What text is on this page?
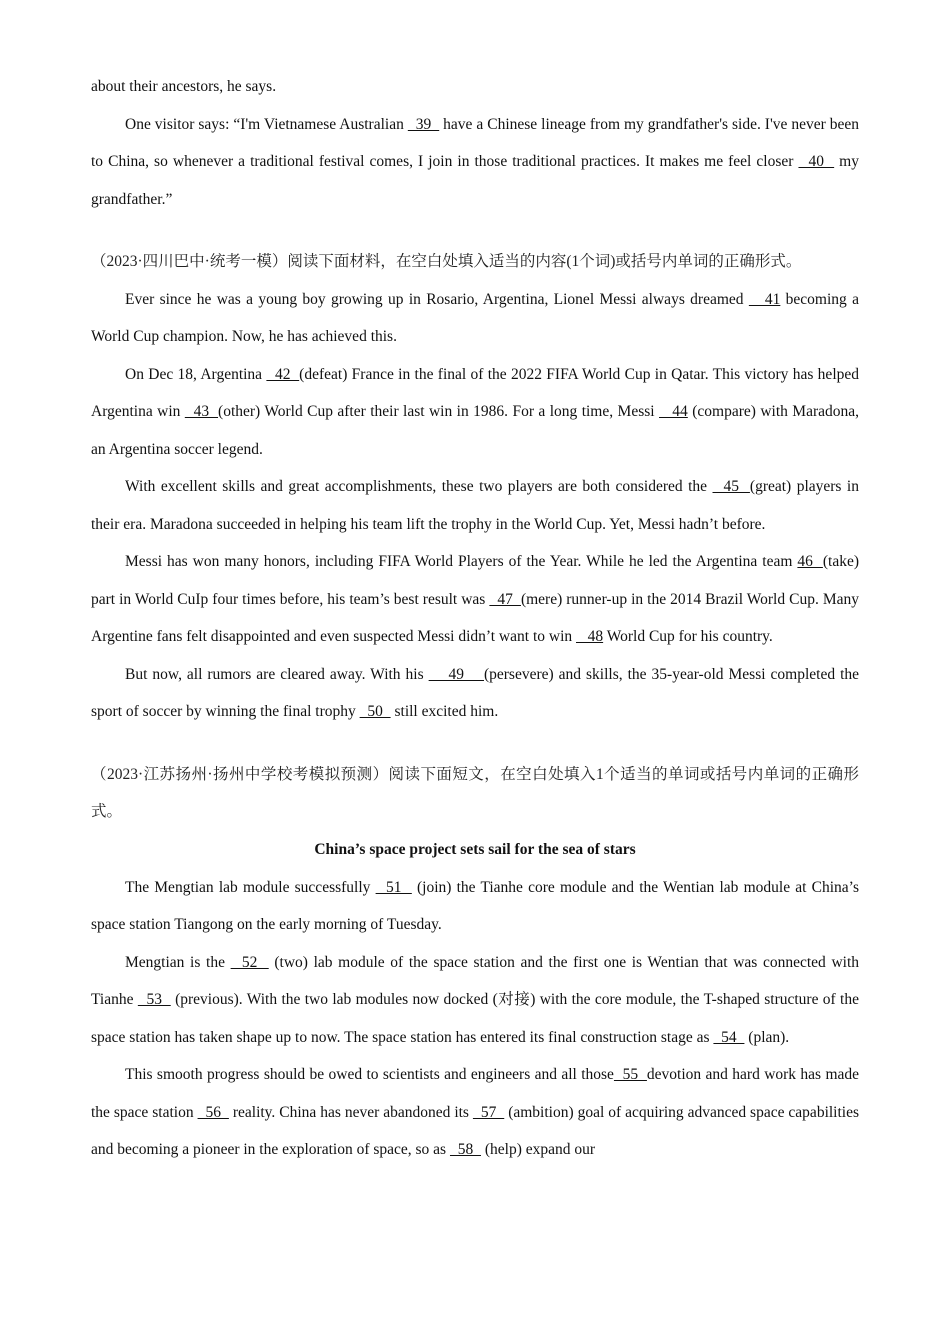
about their ancestors, he says.

One visitor says: “I'm Vietnamese Australian   39   have a Chinese lineage from my grandfather's side. I've never been to China, so whenever a traditional festival comes, I join in those traditional practices. It makes me feel closer   40   my grandfather.”

（2023·四川巴中·统考一模）阅读下面材料，在空白处填入适当的内容(1个词)或括号内单词的正确形式。

Ever since he was a young boy growing up in Rosario, Argentina, Lionel Messi always dreamed    41 becoming a World Cup champion. Now, he has achieved this.

On Dec 18, Argentina   42  (defeat) France in the final of the 2022 FIFA World Cup in Qatar. This victory has helped Argentina win   43  (other) World Cup after their last win in 1986. For a long time, Messi    44 (compare) with Maradona, an Argentina soccer legend.

With excellent skills and great accomplishments, these two players are both considered the   45  (great) players in their era. Maradona succeeded in helping his team lift the trophy in the World Cup. Yet, Messi hadn’t before.

Messi has won many honors, including FIFA World Players of the Year. While he led the Argentina team 46  (take) part in World CuIp four times before, his team’s best result was   47  (mere) runner-up in the 2014 Brazil World Cup. Many Argentine fans felt disappointed and even suspected Messi didn’t want to win    48 World Cup for his country.

But now, all rumors are cleared away. With his     49    (persevere) and skills, the 35-year-old Messi completed the sport of soccer by winning the final trophy   50   still excited him.

（2023·江苏扬州·扬州中学校考模拟预测）阅读下面短文，在空白处填入1个适当的单词或括号内单词的正确形式。

China’s space project sets sail for the sea of stars

The Mengtian lab module successfully   51   (join) the Tianhe core module and the Wentian lab module at China’s space station Tiangong on the early morning of Tuesday.

Mengtian is the   52   (two) lab module of the space station and the first one is Wentian that was connected with Tianhe   53   (previous). With the two lab modules now docked (对接) with the core module, the T-shaped structure of the space station has taken shape up to now. The space station has entered its final construction stage as   54   (plan).

This smooth progress should be owed to scientists and engineers and all those  55  devotion and hard work has made the space station   56   reality. China has never abandoned its   57   (ambition) goal of acquiring advanced space capabilities and becoming a pioneer in the exploration of space, so as   58   (help) expand our
